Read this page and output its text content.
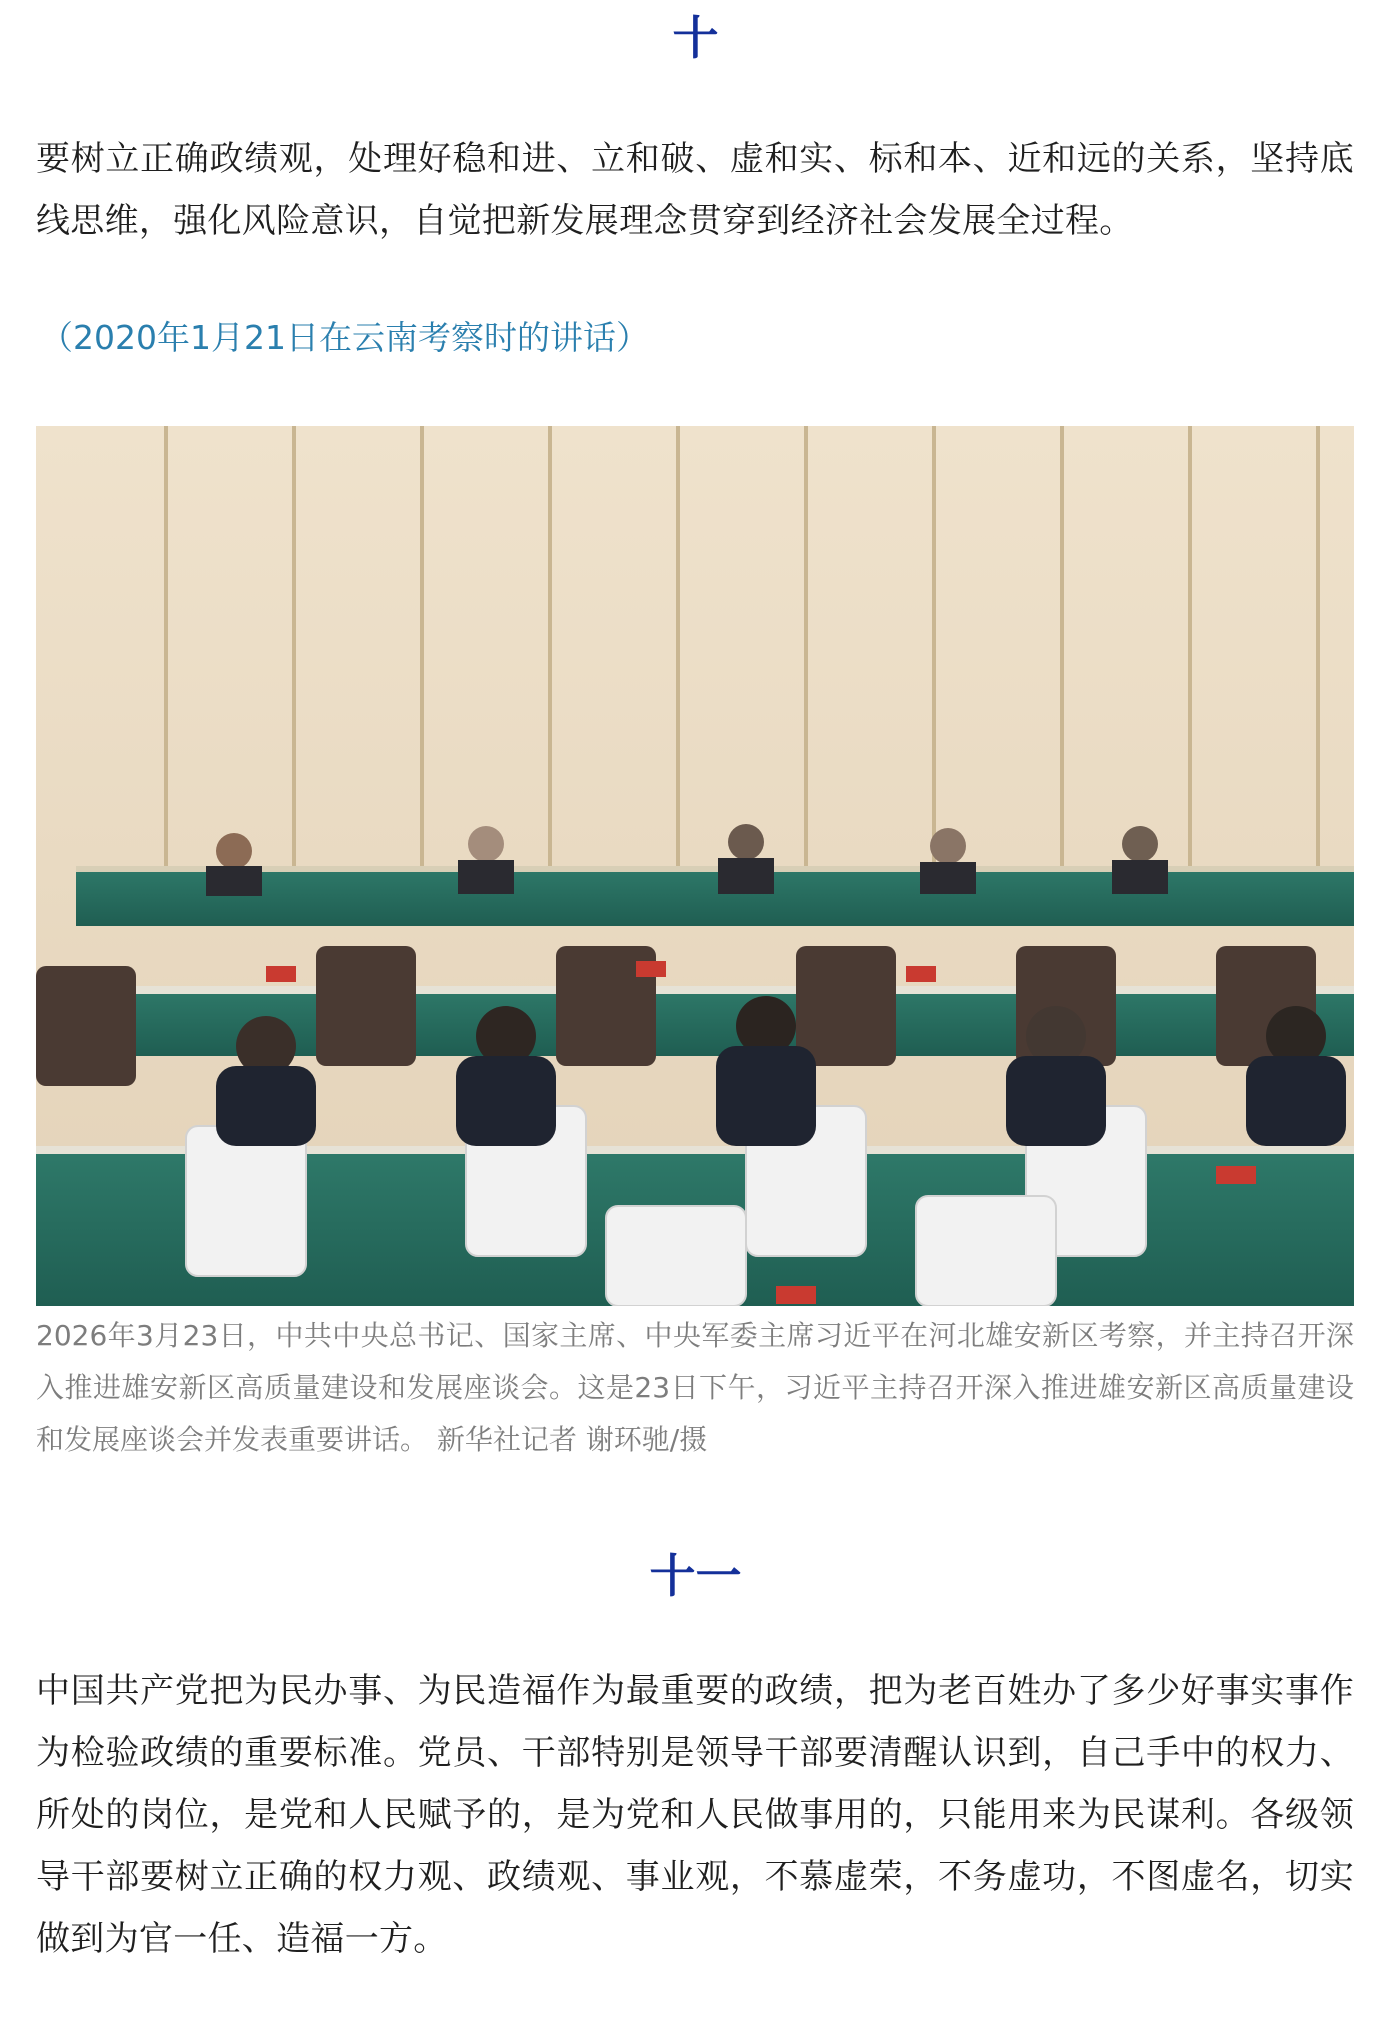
十

要树立正确政绩观，处理好稳和进、立和破、虚和实、标和本、近和远的关系，坚持底线思维，强化风险意识，自觉把新发展理念贯穿到经济社会发展全过程。

（2020年1月21日在云南考察时的讲话）

2026年3月23日，中共中央总书记、国家主席、中央军委主席习近平在河北雄安新区考察，并主持召开深入推进雄安新区高质量建设和发展座谈会。这是23日下午，习近平主持召开深入推进雄安新区高质量建设和发展座谈会并发表重要讲话。 新华社记者 谢环驰/摄

十一

中国共产党把为民办事、为民造福作为最重要的政绩，把为老百姓办了多少好事实事作为检验政绩的重要标准。党员、干部特别是领导干部要清醒认识到，自己手中的权力、所处的岗位，是党和人民赋予的，是为党和人民做事用的，只能用来为民谋利。各级领导干部要树立正确的权力观、政绩观、事业观，不慕虚荣，不务虚功，不图虚名，切实做到为官一任、造福一方。
